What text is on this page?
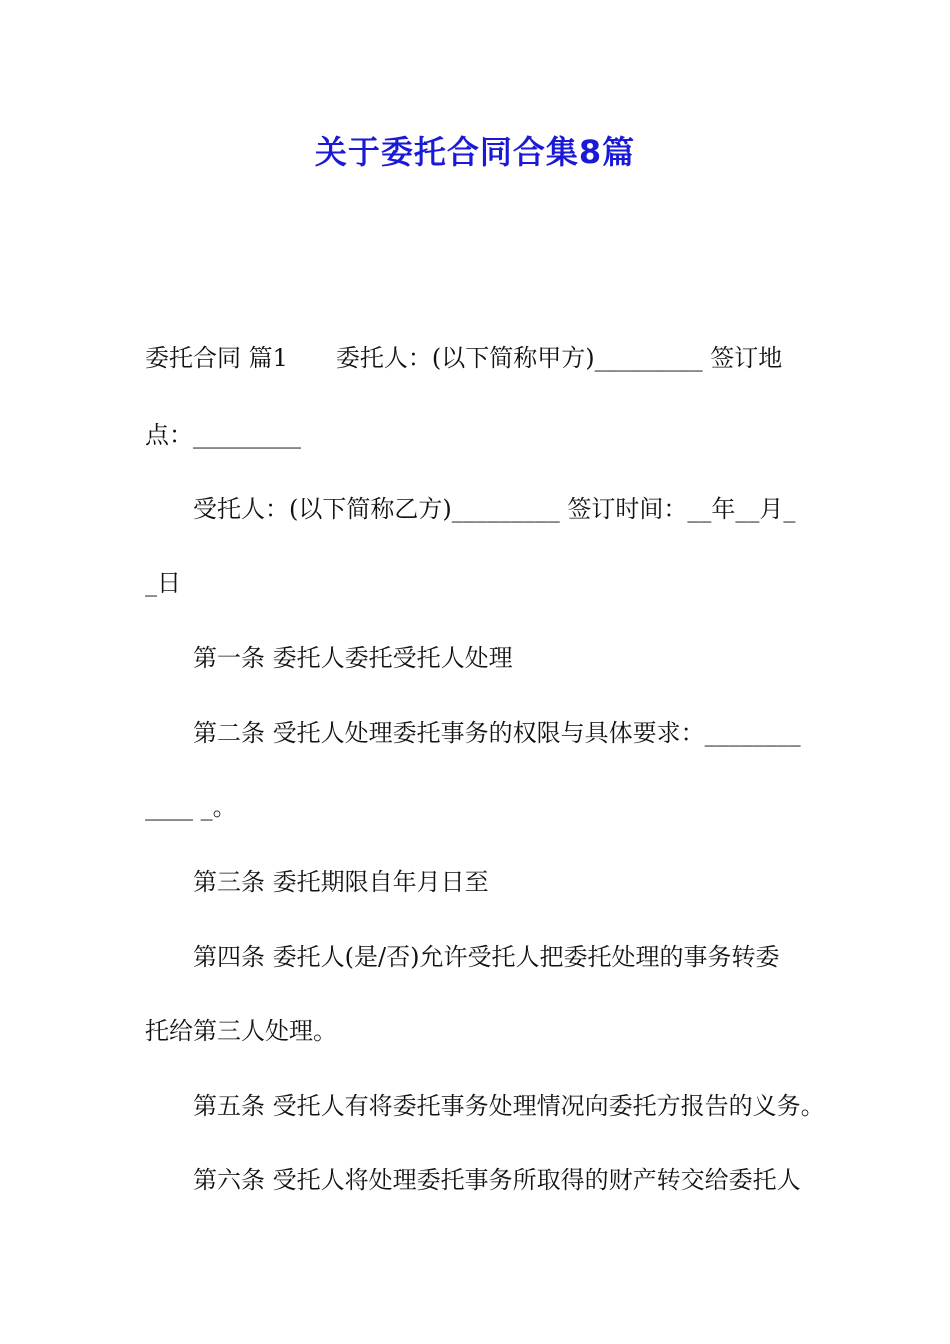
关于委托合同合集8篇
委托合同 篇1 委托人：(以下简称甲方)_________ 签订地
点：_________
受托人：(以下简称乙方)_________ 签订时间：__年__月_
_日
第一条 委托人委托受托人处理
第二条 受托人处理委托事务的权限与具体要求：________
____ _。
第三条 委托期限自年月日至
第四条 委托人(是/否)允许受托人把委托处理的事务转委
托给第三人处理。
第五条 受托人有将委托事务处理情况向委托方报告的义务。
第六条 受托人将处理委托事务所取得的财产转交给委托人
